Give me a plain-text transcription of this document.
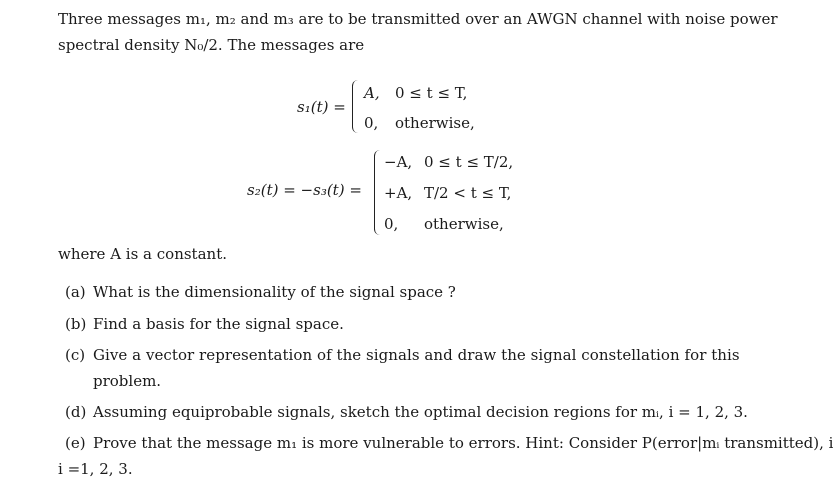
Three messages m₁, m₂ and m₃ are to be transmitted over an AWGN channel with noise power
spectral density N₀/2. The messages are
s₁(t) =
A, 0 ≤ t ≤ T,
0, otherwise,
s₂(t) = −s₃(t) =
−A, 0 ≤ t ≤ T/2,
+A, T/2 < t ≤ T,
0, otherwise,
where A is a constant.
(a) What is the dimensionality of the signal space ?
(b) Find a basis for the signal space.
(c) Give a vector representation of the signals and draw the signal constellation for this
problem.
(d) Assuming equiprobable signals, sketch the optimal decision regions for mᵢ, i = 1, 2, 3.
(e) Prove that the message m₁ is more vulnerable to errors. Hint: Consider P(error|mᵢ transmitted), i
i =1, 2, 3.
